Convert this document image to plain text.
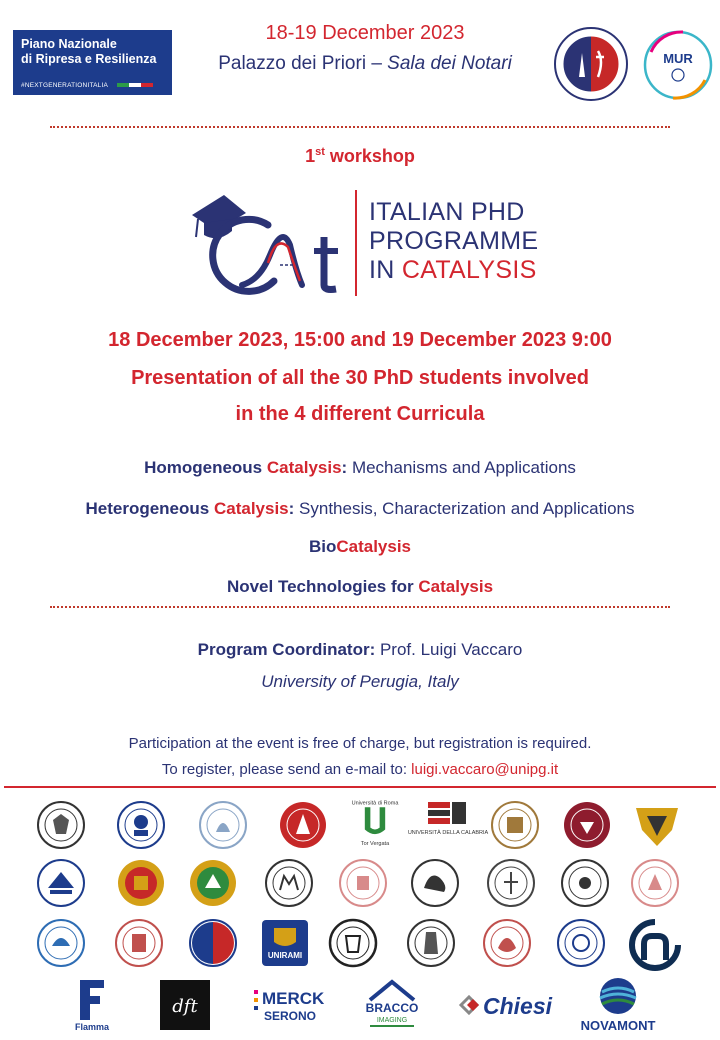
Piano Nazionale
di Ripresa e Resilienza
#NEXTGENERATIONITALIA
18-19 December 2023
Palazzo dei Priori – Sala dei Notari	MUR
1st workshop
ITALIAN PHD
PROGRAMME
IN CATALYSIS
18 December 2023, 15:00 and 19 December 2023 9:00
Presentation of all the 30 PhD students involved
in the 4 different Curricula
Homogeneous Catalysis: Mechanisms and Applications
Heterogeneous Catalysis: Synthesis, Characterization and Applications
BioCatalysis
Novel Technologies for Catalysis
Program Coordinator: Prof. Luigi Vaccaro
University of Perugia, Italy
Participation at the event is free of charge, but registration is required.
To register, please send an e-mail to: luigi.vaccaro@unipg.it
Università di Roma
Tor Vergata
UNIVERSITÀ DELLA CALABRIA
UNIRAMI
Flamma
dft	MERCK
SERONO
BRACCO
IMAGING
Chiesi
NOVAMONT
